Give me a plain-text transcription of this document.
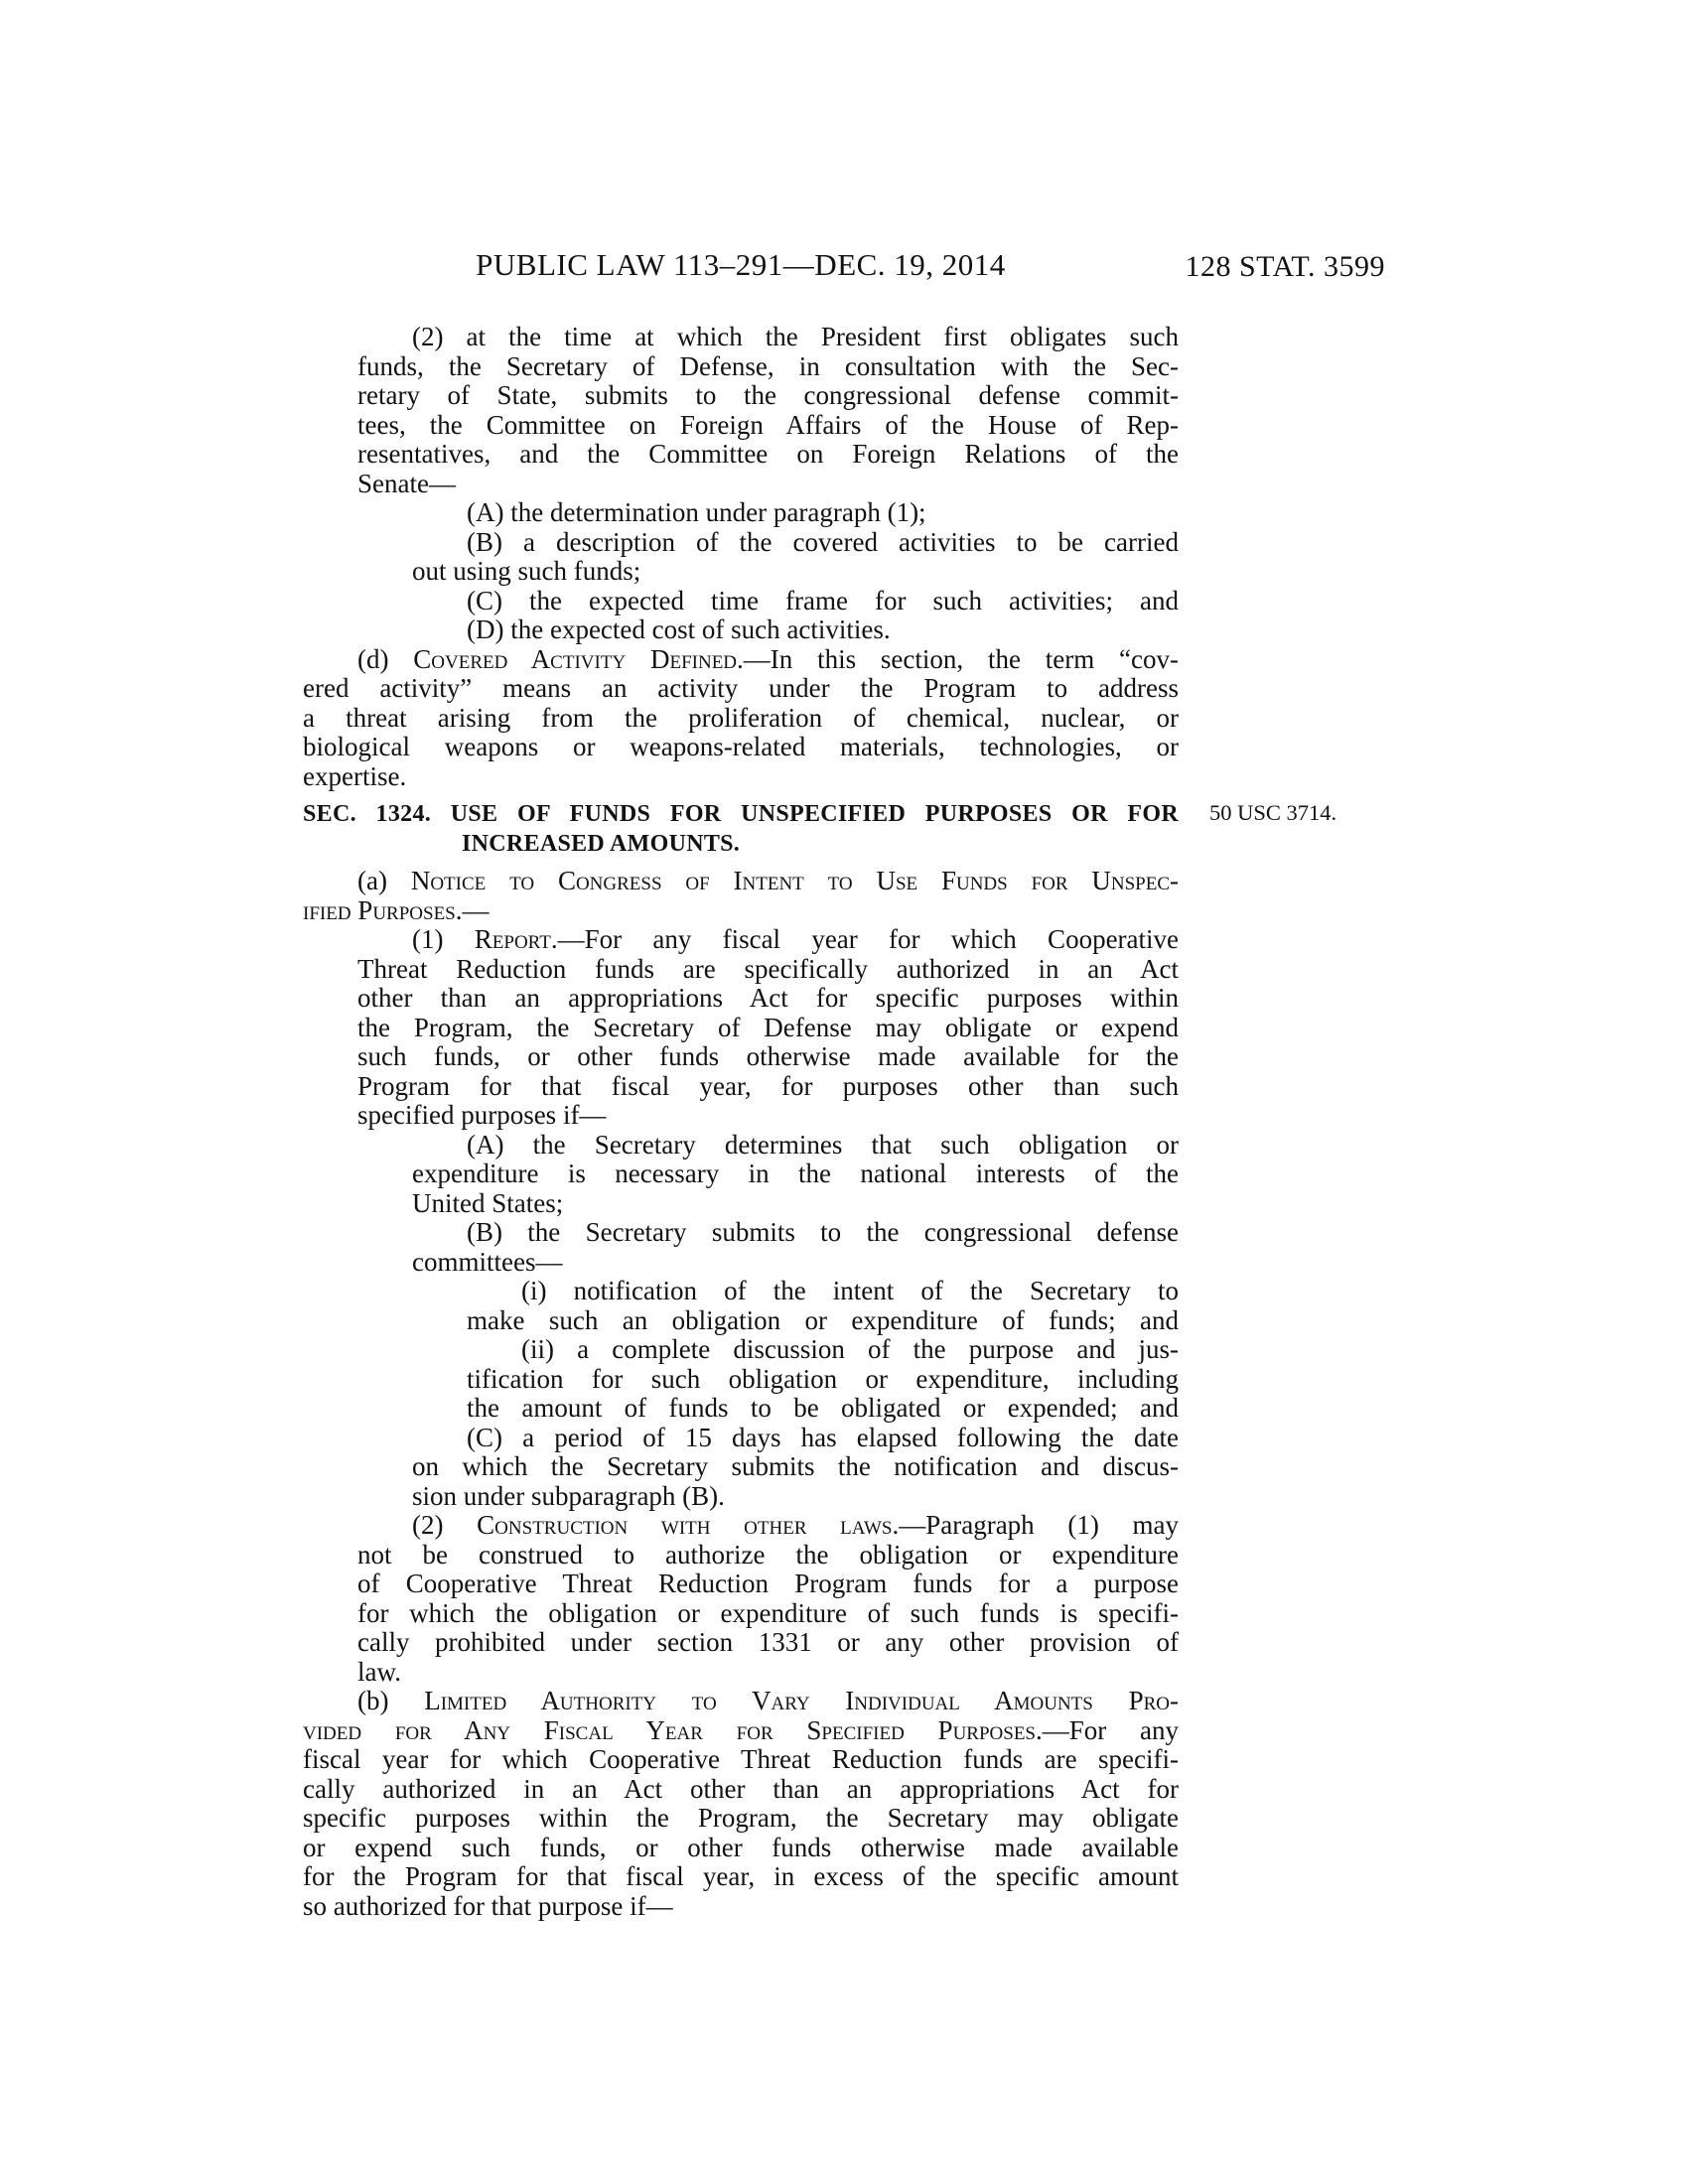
PUBLIC LAW 113–291—DEC. 19, 2014	128 STAT. 3599
50 USC 3714.
(2) at the time at which the President first obligates such
funds, the Secretary of Defense, in consultation with the Sec-
retary of State, submits to the congressional defense commit-
tees, the Committee on Foreign Affairs of the House of Rep-
resentatives, and the Committee on Foreign Relations of the
Senate—
(A) the determination under paragraph (1);
(B) a description of the covered activities to be carried
out using such funds;
(C) the expected time frame for such activities; and
(D) the expected cost of such activities.
(d) Covered Activity Defined.—In this section, the term “cov-
ered activity” means an activity under the Program to address
a threat arising from the proliferation of chemical, nuclear, or
biological weapons or weapons-related materials, technologies, or
expertise.
SEC. 1324. USE OF FUNDS FOR UNSPECIFIED PURPOSES OR FOR
INCREASED AMOUNTS.
(a) Notice to Congress of Intent to Use Funds for Unspec-
ified Purposes.—
(1) Report.—For any fiscal year for which Cooperative
Threat Reduction funds are specifically authorized in an Act
other than an appropriations Act for specific purposes within
the Program, the Secretary of Defense may obligate or expend
such funds, or other funds otherwise made available for the
Program for that fiscal year, for purposes other than such
specified purposes if—
(A) the Secretary determines that such obligation or
expenditure is necessary in the national interests of the
United States;
(B) the Secretary submits to the congressional defense
committees—
(i) notification of the intent of the Secretary to
make such an obligation or expenditure of funds; and
(ii) a complete discussion of the purpose and jus-
tification for such obligation or expenditure, including
the amount of funds to be obligated or expended; and
(C) a period of 15 days has elapsed following the date
on which the Secretary submits the notification and discus-
sion under subparagraph (B).
(2) Construction with other laws.—Paragraph (1) may
not be construed to authorize the obligation or expenditure
of Cooperative Threat Reduction Program funds for a purpose
for which the obligation or expenditure of such funds is specifi-
cally prohibited under section 1331 or any other provision of
law.
(b) Limited Authority to Vary Individual Amounts Pro-
vided for Any Fiscal Year for Specified Purposes.—For any
fiscal year for which Cooperative Threat Reduction funds are specifi-
cally authorized in an Act other than an appropriations Act for
specific purposes within the Program, the Secretary may obligate
or expend such funds, or other funds otherwise made available
for the Program for that fiscal year, in excess of the specific amount
so authorized for that purpose if—
